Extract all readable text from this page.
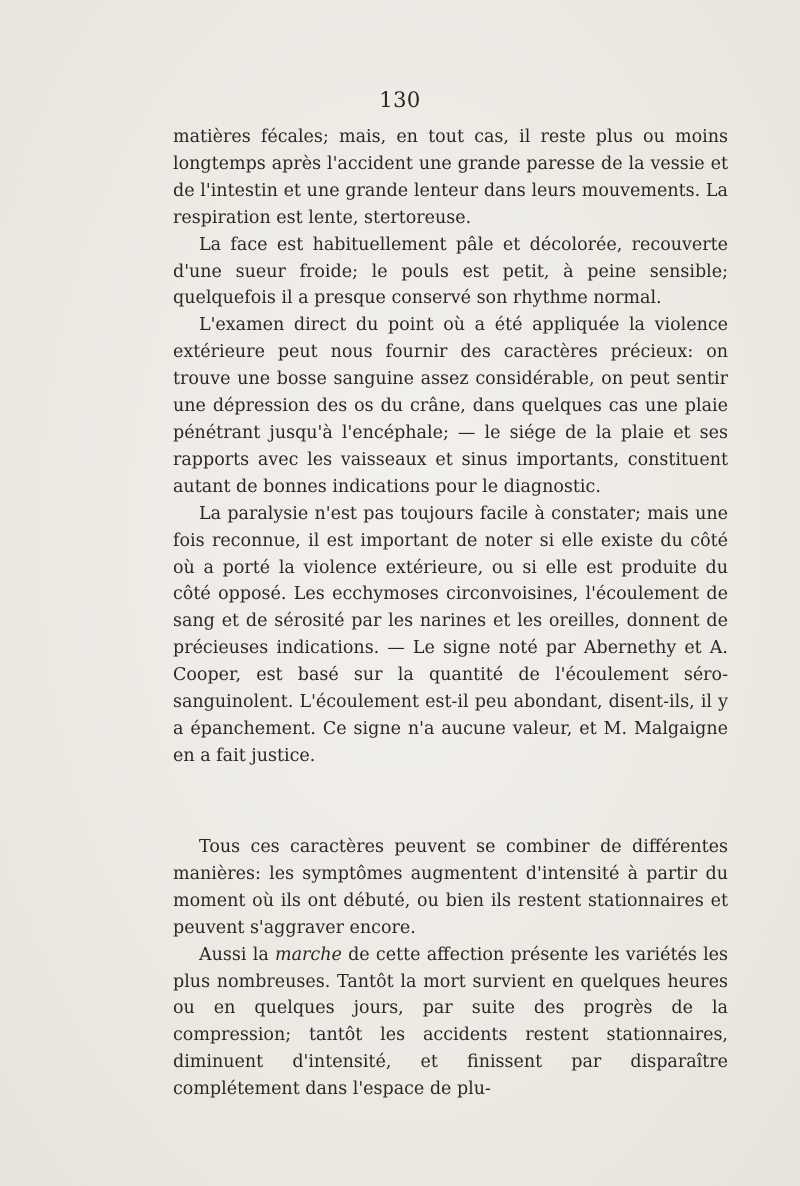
130

matières fécales; mais, en tout cas, il reste plus ou moins longtemps après l'accident une grande paresse de la vessie et de l'intestin et une grande lenteur dans leurs mouvements. La respiration est lente, stertoreuse.

La face est habituellement pâle et décolorée, recouverte d'une sueur froide; le pouls est petit, à peine sensible; quelquefois il a presque conservé son rhythme normal.

L'examen direct du point où a été appliquée la violence extérieure peut nous fournir des caractères précieux: on trouve une bosse sanguine assez considérable, on peut sentir une dépression des os du crâne, dans quelques cas une plaie pénétrant jusqu'à l'encéphale; — le siége de la plaie et ses rapports avec les vaisseaux et sinus importants, constituent autant de bonnes indications pour le diagnostic.

La paralysie n'est pas toujours facile à constater; mais une fois reconnue, il est important de noter si elle existe du côté où a porté la violence extérieure, ou si elle est produite du côté opposé. Les ecchymoses circonvoisines, l'écoulement de sang et de sérosité par les narines et les oreilles, donnent de précieuses indications. — Le signe noté par Abernethy et A. Cooper, est basé sur la quantité de l'écoulement séro-sanguinolent. L'écoulement est-il peu abondant, disent-ils, il y a épanchement. Ce signe n'a aucune valeur, et M. Malgaigne en a fait justice.

Tous ces caractères peuvent se combiner de différentes manières: les symptômes augmentent d'intensité à partir du moment où ils ont débuté, ou bien ils restent stationnaires et peuvent s'aggraver encore.

Aussi la marche de cette affection présente les variétés les plus nombreuses. Tantôt la mort survient en quelques heures ou en quelques jours, par suite des progrès de la compression; tantôt les accidents restent stationnaires, diminuent d'intensité, et finissent par disparaître complétement dans l'espace de plu-
